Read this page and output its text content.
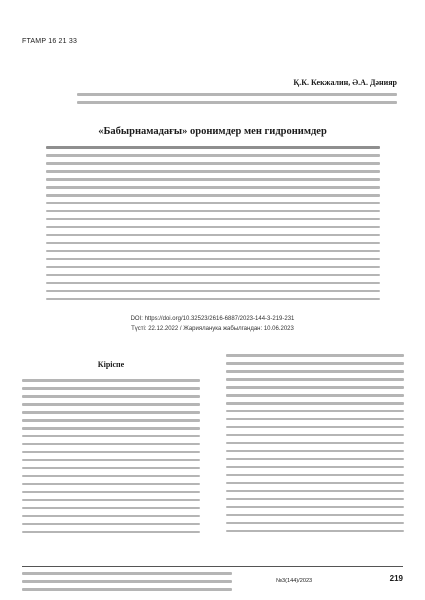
FTAMP 16 21 33
Қ.К. Кекжалин, Ә.А. Дәнияр
«Бабырнамадағы» ороним​дер мен гидронимдер
DOI: https://doi.org/10.32523/2616-6887/2023-144-3-219-231
Түсті: 22.12.2022 / Жарияланука жабылгандан: 10.06.2023
Кіріспе
№3(144)/2023	219
